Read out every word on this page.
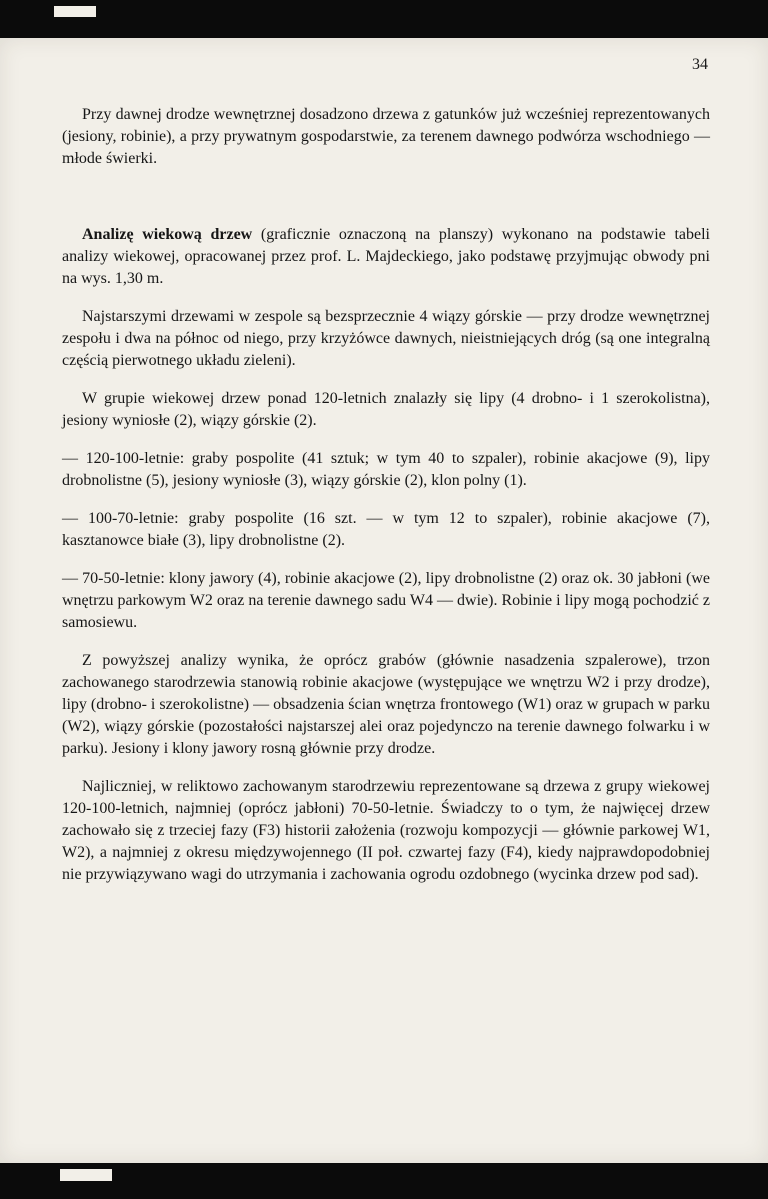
34

Przy dawnej drodze wewnętrznej dosadzono drzewa z gatunków już wcześniej reprezentowanych (jesiony, robinie), a przy prywatnym gospodarstwie, za terenem dawnego podwórza wschodniego — młode świerki.

Analizę wiekową drzew (graficznie oznaczoną na planszy) wykonano na podstawie tabeli analizy wiekowej, opracowanej przez prof. L. Majdeckiego, jako podstawę przyjmując obwody pni na wys. 1,30 m.

Najstarszymi drzewami w zespole są bezsprzecznie 4 wiązy górskie — przy drodze wewnętrznej zespołu i dwa na północ od niego, przy krzyżówce dawnych, nieistniejących dróg (są one integralną częścią pierwotnego układu zieleni).

W grupie wiekowej drzew ponad 120-letnich znalazły się lipy (4 drobno- i 1 szerokolistna), jesiony wyniosłe (2), wiązy górskie (2).

— 120-100-letnie: graby pospolite (41 sztuk; w tym 40 to szpaler), robinie akacjowe (9), lipy drobnolistne (5), jesiony wyniosłe (3), wiązy górskie (2), klon polny (1).

— 100-70-letnie: graby pospolite (16 szt. — w tym 12 to szpaler), robinie akacjowe (7), kasztanowce białe (3), lipy drobnolistne (2).

— 70-50-letnie: klony jawory (4), robinie akacjowe (2), lipy drobnolistne (2) oraz ok. 30 jabłoni (we wnętrzu parkowym W2 oraz na terenie dawnego sadu W4 — dwie). Robinie i lipy mogą pochodzić z samosiewu.

Z powyższej analizy wynika, że oprócz grabów (głównie nasadzenia szpalerowe), trzon zachowanego starodrzewia stanowią robinie akacjowe (występujące we wnętrzu W2 i przy drodze), lipy (drobno- i szerokolistne) — obsadzenia ścian wnętrza frontowego (W1) oraz w grupach w parku (W2), wiązy górskie (pozostałości najstarszej alei oraz pojedynczo na terenie dawnego folwarku i w parku). Jesiony i klony jawory rosną głównie przy drodze.

Najliczniej, w reliktowo zachowanym starodrzewiu reprezentowane są drzewa z grupy wiekowej 120-100-letnich, najmniej (oprócz jabłoni) 70-50-letnie. Świadczy to o tym, że najwięcej drzew zachowało się z trzeciej fazy (F3) historii założenia (rozwoju kompozycji — głównie parkowej W1, W2), a najmniej z okresu międzywojennego (II poł. czwartej fazy (F4), kiedy najprawdopodobniej nie przywiązywano wagi do utrzymania i zachowania ogrodu ozdobnego (wycinka drzew pod sad).
